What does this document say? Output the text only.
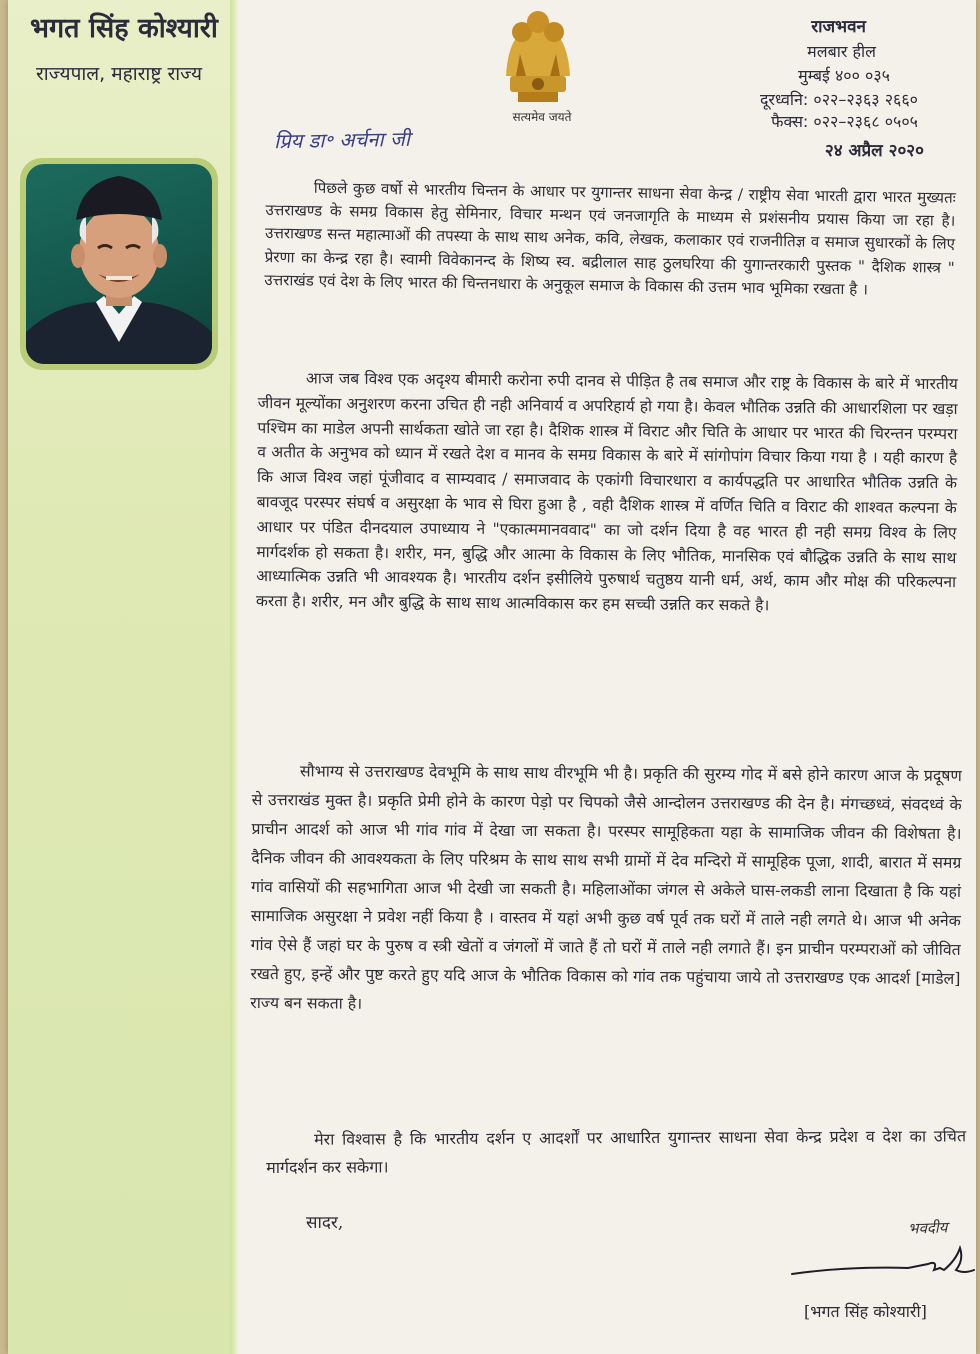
भगत सिंह कोश्यारी
राज्यपाल, महाराष्ट्र राज्य
सत्यमेव जयते
राजभवन
मलबार हील
मुम्बई ४०० ०३५
दूरध्वनि: ०२२–२३६३ २६६०
फैक्स: ०२२–२३६८ ०५०५
प्रिय डा॰ अर्चना जी	२४ अप्रैल २०२०

पिछले कुछ वर्षो से भारतीय चिन्तन के आधार पर युगान्तर साधना सेवा केन्द्र / राष्ट्रीय सेवा भारती द्वारा भारत मुख्यतः उत्तराखण्ड के समग्र विकास हेतु सेमिनार, विचार मन्थन एवं जनजागृति के माध्यम से प्रशंसनीय प्रयास किया जा रहा है। उत्तराखण्ड सन्त महात्माओं की तपस्या के साथ साथ अनेक, कवि, लेखक, कलाकार एवं राजनीतिज्ञ व समाज सुधारकों के लिए प्रेरणा का केन्द्र रहा है। स्वामी विवेकानन्द के शिष्य स्व. बद्रीलाल साह ठुलघरिया की युगान्तरकारी पुस्तक " दैशिक शास्त्र " उत्तराखंड एवं देश के लिए भारत की चिन्तनधारा के अनुकूल समाज के विकास की उत्तम भाव भूमिका रखता है ।

आज जब विश्व एक अदृश्य बीमारी करोना रुपी दानव से पीड़ित है तब समाज और राष्ट्र के विकास के बारे में भारतीय जीवन मूल्योंका अनुशरण करना उचित ही नही अनिवार्य व अपरिहार्य हो गया है। केवल भौतिक उन्नति की आधारशिला पर खड़ा पश्चिम का माडेल अपनी सार्थकता खोते जा रहा है। दैशिक शास्त्र में विराट और चिति के आधार पर भारत की चिरन्तन परम्परा व अतीत के अनुभव को ध्यान में रखते देश व मानव के समग्र विकास के बारे में सांगोपांग विचार किया गया है । यही कारण है कि आज विश्व जहां पूंजीवाद व साम्यवाद / समाजवाद के एकांगी विचारधारा व कार्यपद्धति पर आधारित भौतिक उन्नति के बावजूद परस्पर संघर्ष व असुरक्षा के भाव से घिरा हुआ है , वही दैशिक शास्त्र में वर्णित चिति व विराट की शाश्वत कल्पना के आधार पर पंडित दीनदयाल उपाध्याय ने "एकात्ममानववाद" का जो दर्शन दिया है वह भारत ही नही समग्र विश्व के लिए मार्गदर्शक हो सकता है। शरीर, मन, बुद्धि और आत्मा के विकास के लिए भौतिक, मानसिक एवं बौद्धिक उन्नति के साथ साथ आध्यात्मिक उन्नति भी आवश्यक है। भारतीय दर्शन इसीलिये पुरुषार्थ चतुष्ठय यानी धर्म, अर्थ, काम और मोक्ष की परिकल्पना करता है। शरीर, मन और बुद्धि के साथ साथ आत्मविकास कर हम सच्ची उन्नति कर सकते है।

सौभाग्य से उत्तराखण्ड देवभूमि के साथ साथ वीरभूमि भी है। प्रकृति की सुरम्य गोद में बसे होने कारण आज के प्रदूषण से उत्तराखंड मुक्त है। प्रकृति प्रेमी होने के कारण पेड़ो पर चिपको जैसे आन्दोलन उत्तराखण्ड की देन है। मंगच्छध्वं, संवदध्वं के प्राचीन आदर्श को आज भी गांव गांव में देखा जा सकता है। परस्पर सामूहिकता यहा के सामाजिक जीवन की विशेषता है। दैनिक जीवन की आवश्यकता के लिए परिश्रम के साथ साथ सभी ग्रामों में देव मन्दिरो में सामूहिक पूजा, शादी, बारात में समग्र गांव वासियों की सहभागिता आज भी देखी जा सकती है। महिलाओंका जंगल से अकेले घास-लकडी लाना दिखाता है कि यहां सामाजिक असुरक्षा ने प्रवेश नहीं किया है । वास्तव में यहां अभी कुछ वर्ष पूर्व तक घरों में ताले नही लगते थे। आज भी अनेक गांव ऐसे हैं जहां घर के पुरुष व स्त्री खेतों व जंगलों में जाते हैं तो घरों में ताले नही लगाते हैं। इन प्राचीन परम्पराओं को जीवित रखते हुए, इन्हें और पुष्ट करते हुए यदि आज के भौतिक विकास को गांव तक पहुंचाया जाये तो उत्तराखण्ड एक आदर्श [माडेल] राज्य बन सकता है।

मेरा विश्वास है कि भारतीय दर्शन ए आदर्शों पर आधारित युगान्तर साधना सेवा केन्द्र प्रदेश व देश का उचित मार्गदर्शन कर सकेगा।

सादर,	भवदीय
[भगत सिंह कोश्यारी]
